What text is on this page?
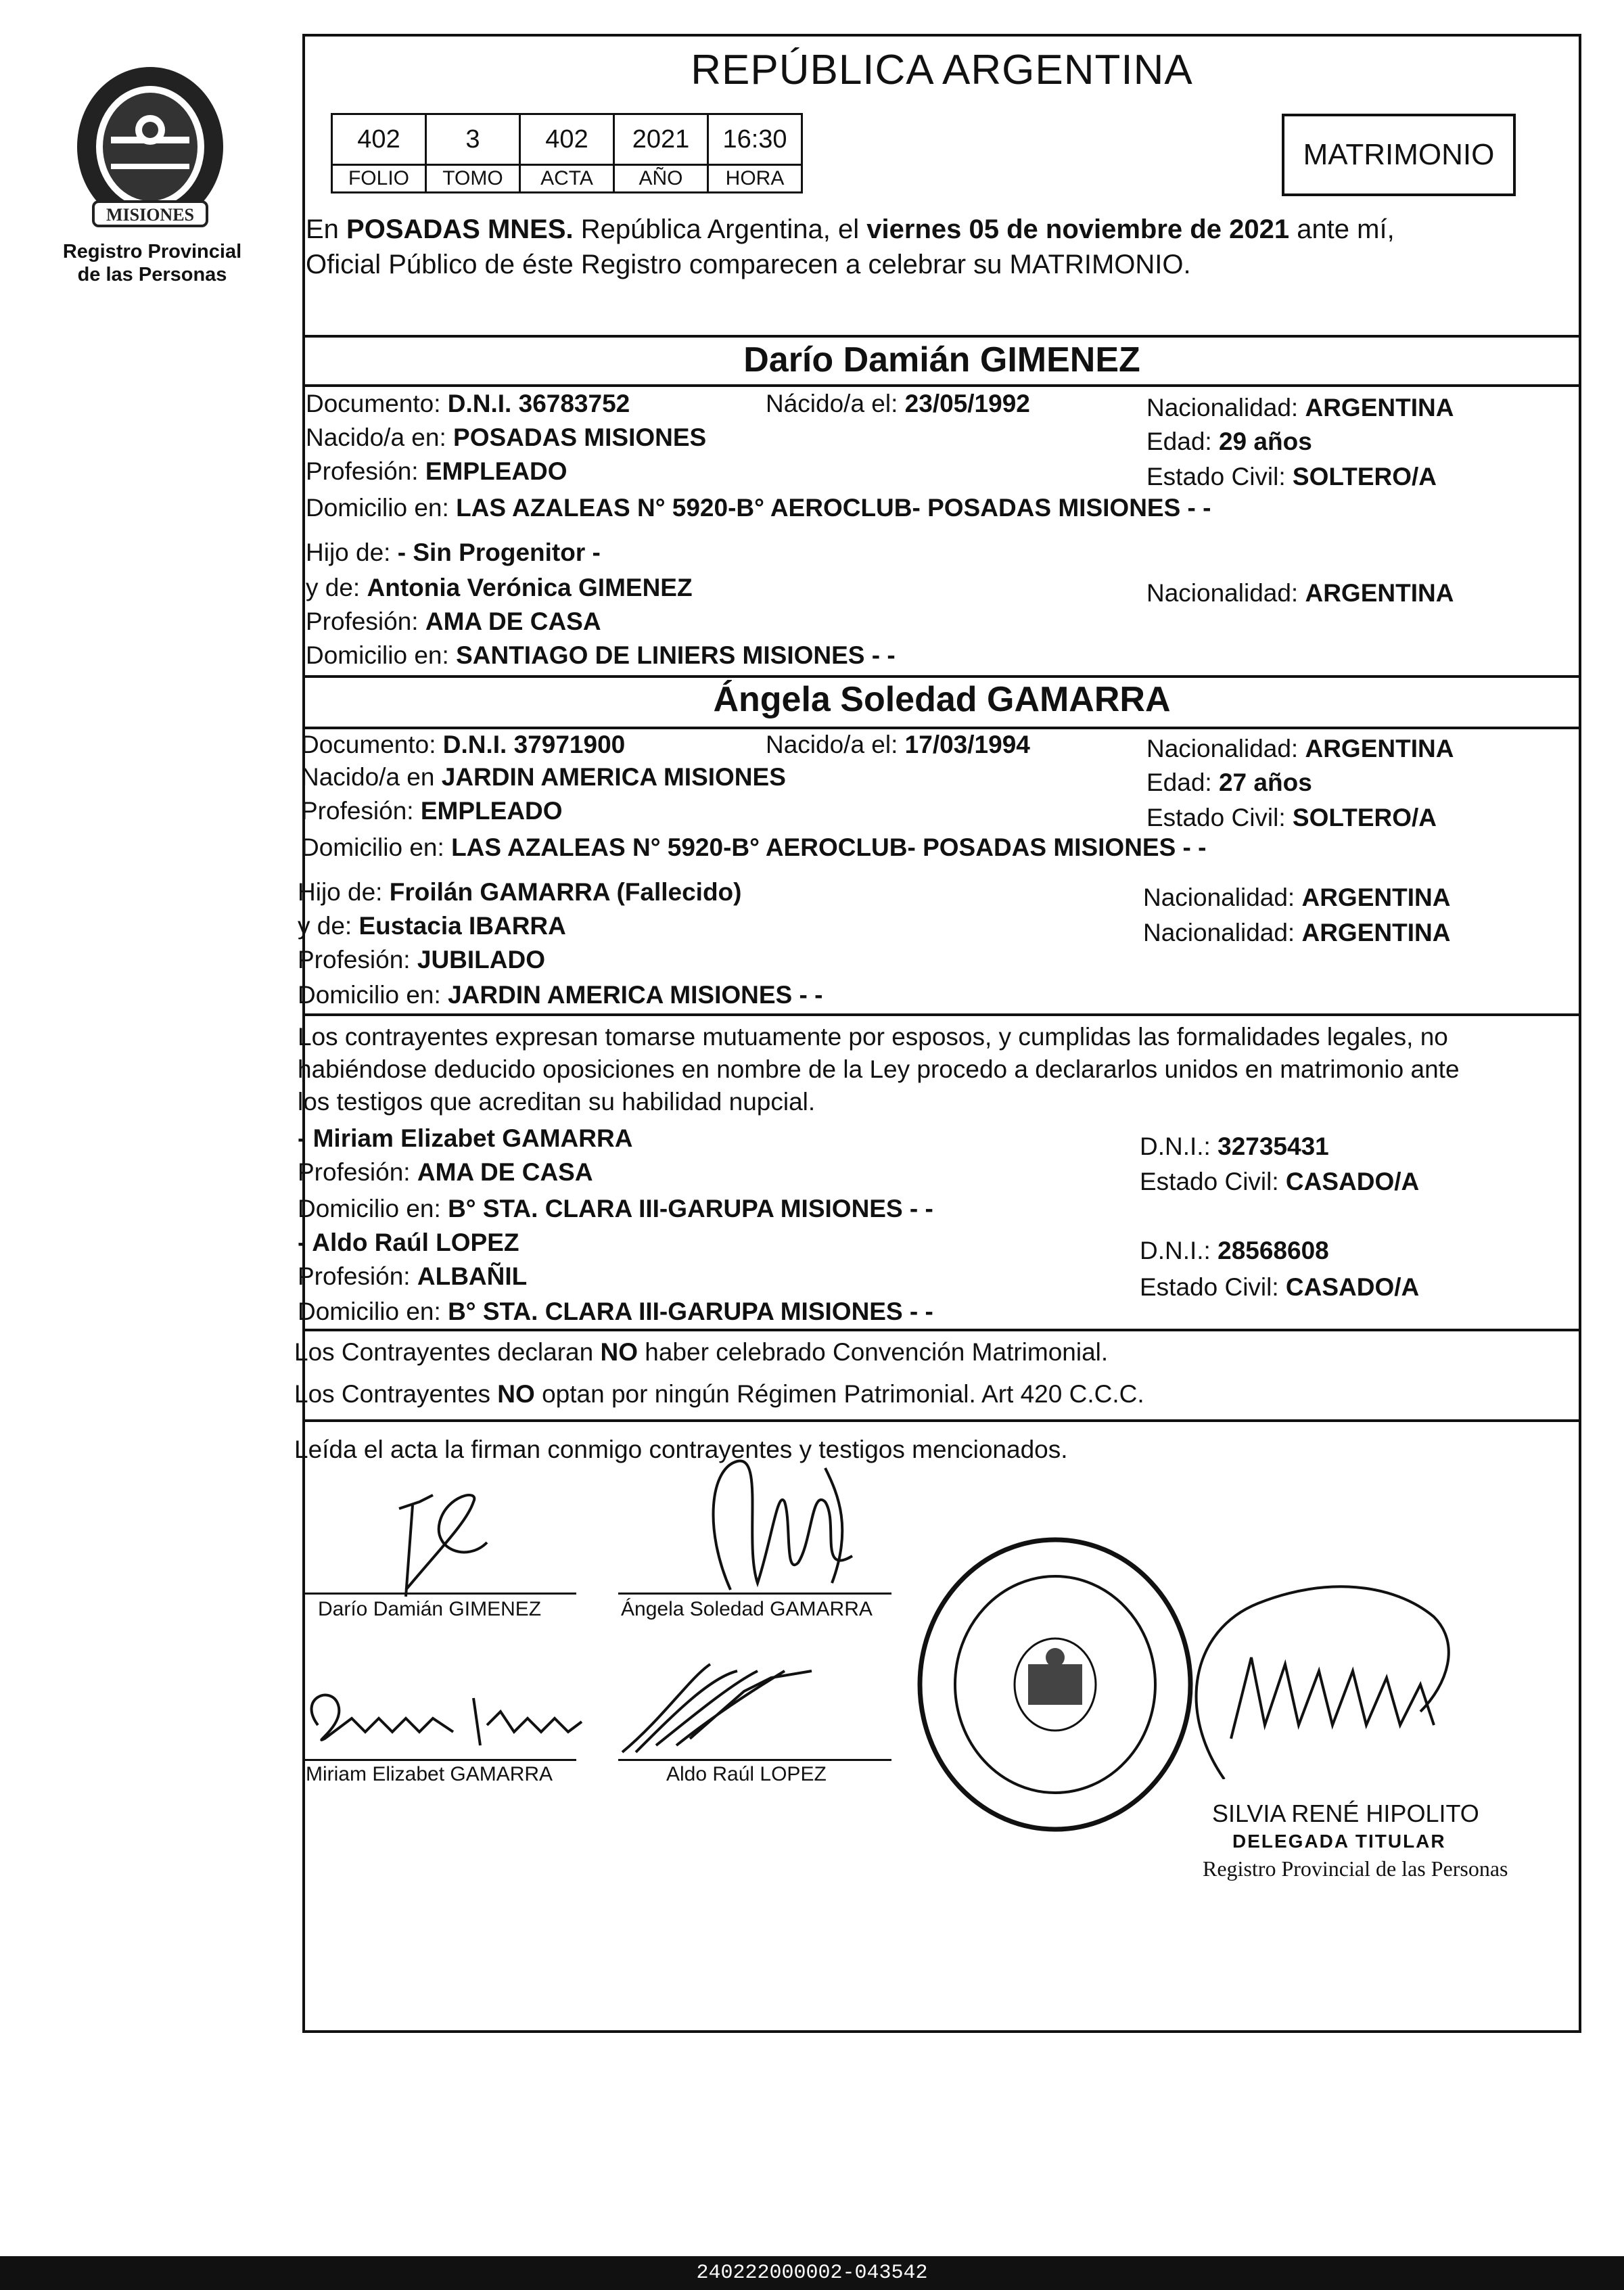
MISIONES
Registro Provincial
de las Personas
REPÚBLICA ARGENTINA
402	3	402	2021	16:30
FOLIO	TOMO	ACTA	AÑO	HORA
MATRIMONIO
En POSADAS MNES. República Argentina, el viernes 05 de noviembre de 2021 ante mí,
Oficial Público de éste Registro comparecen a celebrar su MATRIMONIO.
Darío Damián GIMENEZ
Documento: D.N.I. 36783752	Nácido/a el: 23/05/1992	Nacionalidad: ARGENTINA
Nacido/a en: POSADAS MISIONES	Edad: 29 años
Profesión: EMPLEADO	Estado Civil: SOLTERO/A
Domicilio en: LAS AZALEAS N° 5920-B° AEROCLUB- POSADAS MISIONES - -
Hijo de: - Sin Progenitor -
y de: Antonia Verónica GIMENEZ	Nacionalidad: ARGENTINA
Profesión: AMA DE CASA
Domicilio en: SANTIAGO DE LINIERS MISIONES - -
Ángela Soledad GAMARRA
Documento: D.N.I. 37971900	Nacido/a el: 17/03/1994	Nacionalidad: ARGENTINA
Nacido/a en JARDIN AMERICA MISIONES	Edad: 27 años
Profesión: EMPLEADO	Estado Civil: SOLTERO/A
Domicilio en: LAS AZALEAS N° 5920-B° AEROCLUB- POSADAS MISIONES - -
Hijo de: Froilán GAMARRA (Fallecido)	Nacionalidad: ARGENTINA
y de: Eustacia IBARRA	Nacionalidad: ARGENTINA
Profesión: JUBILADO
Domicilio en: JARDIN AMERICA MISIONES - -
Los contrayentes expresan tomarse mutuamente por esposos, y cumplidas las formalidades legales, no
habiéndose deducido oposiciones en nombre de la Ley procedo a declararlos unidos en matrimonio ante
los testigos que acreditan su habilidad nupcial.
- Miriam Elizabet GAMARRA	D.N.I.: 32735431
Profesión: AMA DE CASA	Estado Civil: CASADO/A
Domicilio en: B° STA. CLARA III-GARUPA MISIONES - -
- Aldo Raúl LOPEZ	D.N.I.: 28568608
Profesión: ALBAÑIL	Estado Civil: CASADO/A
Domicilio en: B° STA. CLARA III-GARUPA MISIONES - -
Los Contrayentes declaran NO haber celebrado Convención Matrimonial.
Los Contrayentes NO optan por ningún Régimen Patrimonial. Art 420 C.C.C.
Leída el acta la firman conmigo contrayentes y testigos mencionados.
Darío Damián GIMENEZ	Ángela Soledad GAMARRA
Miriam Elizabet GAMARRA	Aldo Raúl LOPEZ
SILVIA RENÉ HIPOLITO
DELEGADA TITULAR
Registro Provincial de las Personas
240222000002-043542
